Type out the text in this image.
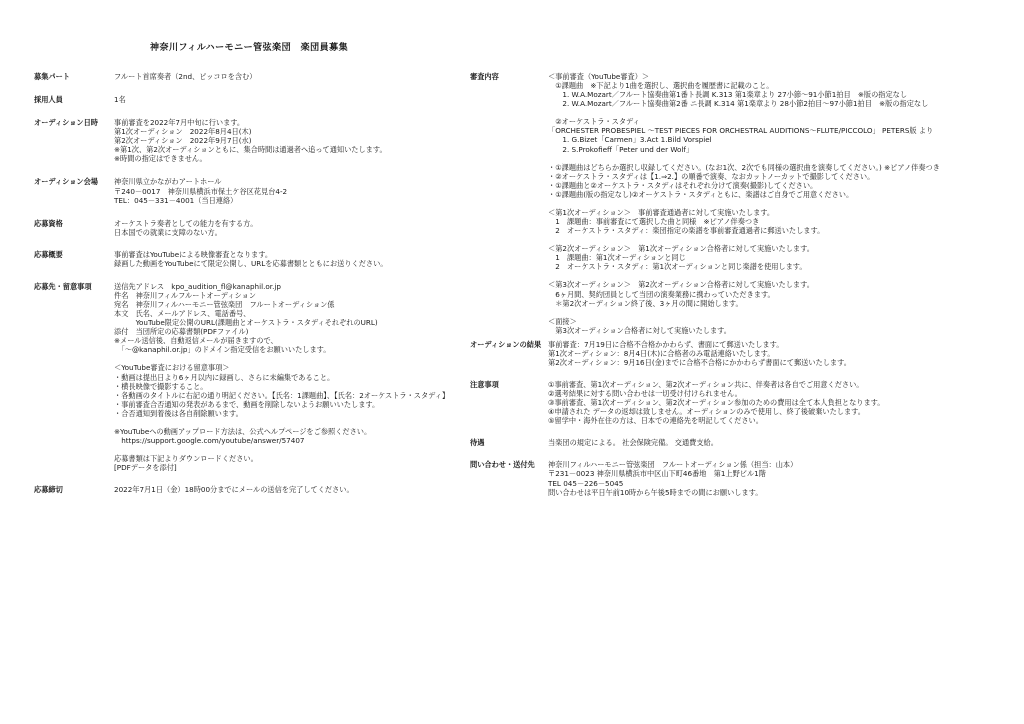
神奈川フィルハーモニー管弦楽団　楽団員募集
募集パート	フルート首席奏者（2nd、ピッコロを含む）
採用人員	1名
オーディション日時	事前審査を2022年7月中旬に行います。
第1次オーディション　2022年8月4日(木)
第2次オーディション　2022年9月7日(水)
※第1次、第2次オーディションともに、集合時間は通過者へ追って通知いたします。
※時間の指定はできません。
オーディション会場	神奈川県立かながわアートホール
〒240－0017　神奈川県横浜市保土ケ谷区花見台4-2
TEL：045－331－4001（当日連絡）
応募資格	オーケストラ奏者としての能力を有する方。
日本国での就業に支障のない方。
応募概要	事前審査はYouTubeによる映像審査となります。
録画した動画をYouTubeにて限定公開し、URLを応募書類とともにお送りください。
応募先・留意事項	送信先アドレス　kpo_audition_fl@kanaphil.or.jp
件名　神奈川フィルフルートオーディション
宛名　神奈川フィルハーモニー管弦楽団　フルートオーディション係
本文　氏名、メールアドレス、電話番号、
　　　YouTube限定公開のURL(課題曲とオーケストラ・スタディそれぞれのURL)
添付　当団所定の応募書類(PDFファイル)
※メール送信後、自動返信メールが届きますので、
　「～@kanaphil.or.jp」のドメイン指定受信をお願いいたします。

＜YouTube審査における留意事項＞
・動画は提出日より6ヶ月以内に録画し、さらに未編集であること。
・横長映像で撮影すること。
・各動画のタイトルに右記の通り明記ください。【氏名：1課題曲】、【氏名：2オーケストラ・スタディ】
・事前審査合否通知の発表があるまで、動画を削除しないようお願いいたします。
・合否通知到着後は各自削除願います。

※YouTubeへの動画アップロード方法は、公式ヘルプページをご参照ください。
　https://support.google.com/youtube/answer/57407

応募書類は下記よりダウンロードください。
[PDFデータを添付]
応募締切	2022年7月1日（金）18時00分までにメールの送信を完了してください。
審査内容	＜事前審査（YouTube審査）＞
　①課題曲　※下記より1曲を選択し、選択曲を履歴書に記載のこと。
　　1. W.A.Mozart／フルート協奏曲第1番ト長調 K.313 第1楽章より 27小節～91小節1拍目　※版の指定なし
　　2. W.A.Mozart／フルート協奏曲第2番 ニ長調 K.314 第1楽章より 28小節2拍目～97小節1拍目　※版の指定なし

　②オーケストラ・スタディ
「ORCHESTER PROBESPIEL ～TEST PIECES FOR ORCHESTRAL AUDITIONS～FLUTE/PICCOLO」 PETERS版 より
　　1. G.Bizet「Carmen」3.Act 1.Bild Vorspiel
　　2. S.Prokofieff「Peter und der Wolf」

・①課題曲はどちらか選択し収録してください。(なお1次、2次でも同様の選択曲を演奏してください。) ※ピアノ伴奏つき
・②オーケストラ・スタディは【1.⇒2.】の順番で演奏、なおカットノーカットで撮影してください。
・①課題曲と②オーケストラ・スタディはそれぞれ分けて演奏(撮影)してください。
・①課題曲(版の指定なし)②オーケストラ・スタディともに、楽譜はご自身でご用意ください。

＜第1次オーディション＞　事前審査通過者に対して実施いたします。
　1　課題曲：事前審査にて選択した曲と同様　※ピアノ伴奏つき
　2　オーケストラ・スタディ：楽団指定の楽譜を事前審査通過者に郵送いたします。

＜第2次オーディション＞　第1次オーディション合格者に対して実施いたします。
　1　課題曲：第1次オーディションと同じ
　2　オーケストラ・スタディ：第1次オーディションと同じ楽譜を使用します。

＜第3次オーディション＞　第2次オーディション合格者に対して実施いたします。
　6ヶ月間、契約団員として当団の演奏業務に携わっていただきます。
　＊第2次オーディション終了後、3ヶ月の間に開始します。

＜面接＞
　第3次オーディション合格者に対して実施いたします。
オーディションの結果 事前審査：7月19日に合格不合格かかわらず、書面にて郵送いたします。
第1次オーディション：8月4日(木)に合格者のみ電話連絡いたします。
第2次オーディション：9月16日(金)までに合格不合格にかかわらず書面にて郵送いたします。
注意事項	①事前審査、第1次オーディション、第2次オーディション共に、伴奏者は各自でご用意ください。
②選考結果に対する問い合わせは一切受け付けられません。
③事前審査、第1次オーディション、第2次オーディション参加のための費用は全て本人負担となります。
④申請された データの返却は致しません。オーディションのみで使用し、終了後破棄いたします。
⑤留学中・海外在住の方は、日本での連絡先を明記してください。
待遇	当楽団の規定による。 社会保険完備。 交通費支給。
問い合わせ・送付先	神奈川フィルハーモニー管弦楽団　フルートオーディション係（担当：山本）
〒231－0023 神奈川県横浜市中区山下町46番地　第1上野ビル1階
TEL 045－226－5045
問い合わせは平日午前10時から午後5時までの間にお願いします。
